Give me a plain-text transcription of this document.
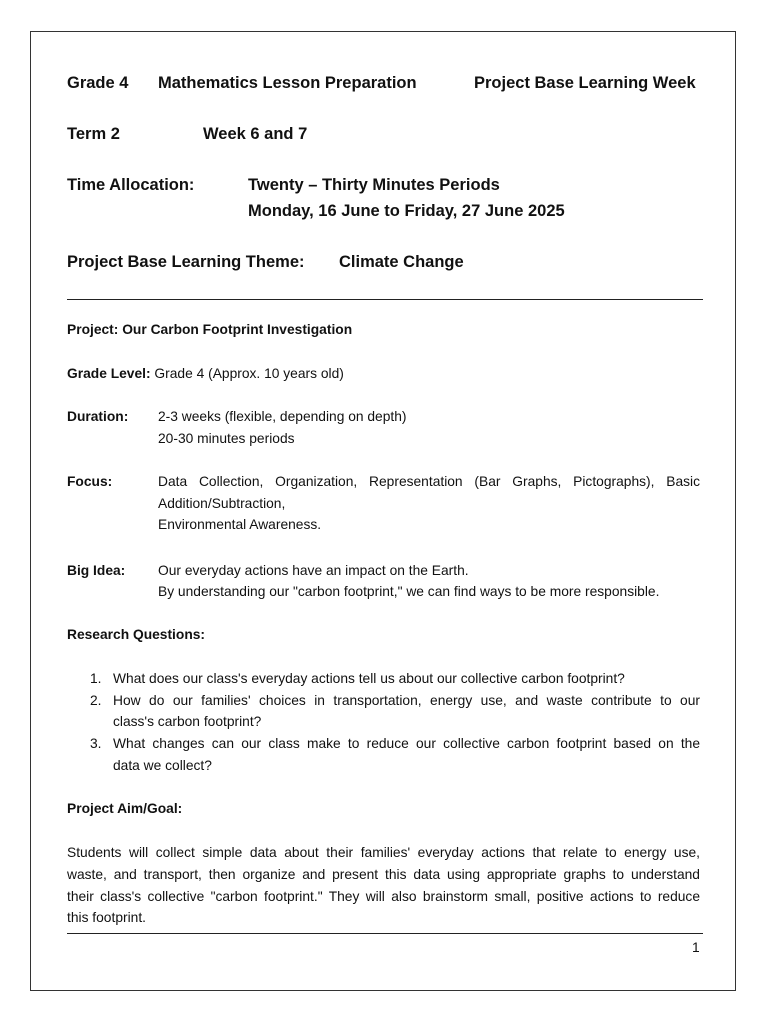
Grade 4 Mathematics Lesson Preparation	Project Base Learning Week
Term 2	Week 6 and 7
Time Allocation:	Twenty – Thirty Minutes Periods
Monday, 16 June to Friday, 27 June 2025
Project Base Learning Theme: Climate Change
Project: Our Carbon Footprint Investigation
Grade Level: Grade 4 (Approx. 10 years old)
Duration: 2-3 weeks (flexible, depending on depth)
20-30 minutes periods
Focus:	Data Collection, Organization, Representation (Bar Graphs, Pictographs), Basic
Addition/Subtraction,
Environmental Awareness.
Big Idea: Our everyday actions have an impact on the Earth.
By understanding our "carbon footprint," we can find ways to be more responsible.
Research Questions:
1. What does our class's everyday actions tell us about our collective carbon footprint?
2. How do our families' choices in transportation, energy use, and waste contribute to our
class's carbon footprint?
3. What changes can our class make to reduce our collective carbon footprint based on the
data we collect?
Project Aim/Goal:
Students will collect simple data about their families' everyday actions that relate to energy use,
waste, and transport, then organize and present this data using appropriate graphs to understand
their class's collective "carbon footprint." They will also brainstorm small, positive actions to reduce
this footprint.
1
